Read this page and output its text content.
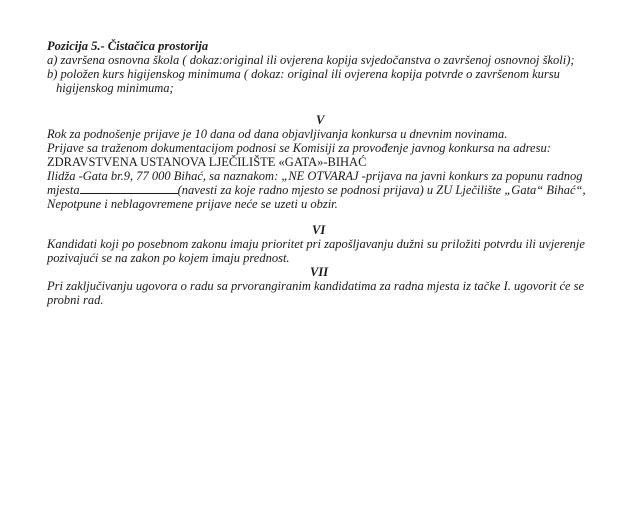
Pozicija 5.- Čistačica prostorija
a) završena osnovna škola ( dokaz:original ili ovjerena kopija svjedočanstva o završenoj osnovnoj školi);
b) položen kurs higijenskog minimuma ( dokaz: original ili ovjerena kopija potvrde o završenom kursu
higijenskog minimuma;
V
Rok za podnošenje prijave je 10 dana od dana objavljivanja konkursa u dnevnim novinama.
Prijave sa traženom dokumentacijom podnosi se Komisiji za provođenje javnog konkursa na adresu:
ZDRAVSTVENA USTANOVA LJEČILIŠTE «GATA»-BIHAĆ
Ilidža -Gata br.9, 77 000 Bihać, sa naznakom: „NE OTVARAJ -prijava na javni konkurs za popunu radnog
mjesta	(navesti za koje radno mjesto se podnosi prijava) u ZU Lječilište „Gata“ Bihać“,
Nepotpune i neblagovremene prijave neće se uzeti u obzir.
VI
Kandidati koji po posebnom zakonu imaju prioritet pri zapošljavanju dužni su priložiti potvrdu ili uvjerenje
pozivajući se na zakon po kojem imaju prednost.
VII
Pri zaključivanju ugovora o radu sa prvorangiranim kandidatima za radna mjesta iz tačke I. ugovorit će se
probni rad.
